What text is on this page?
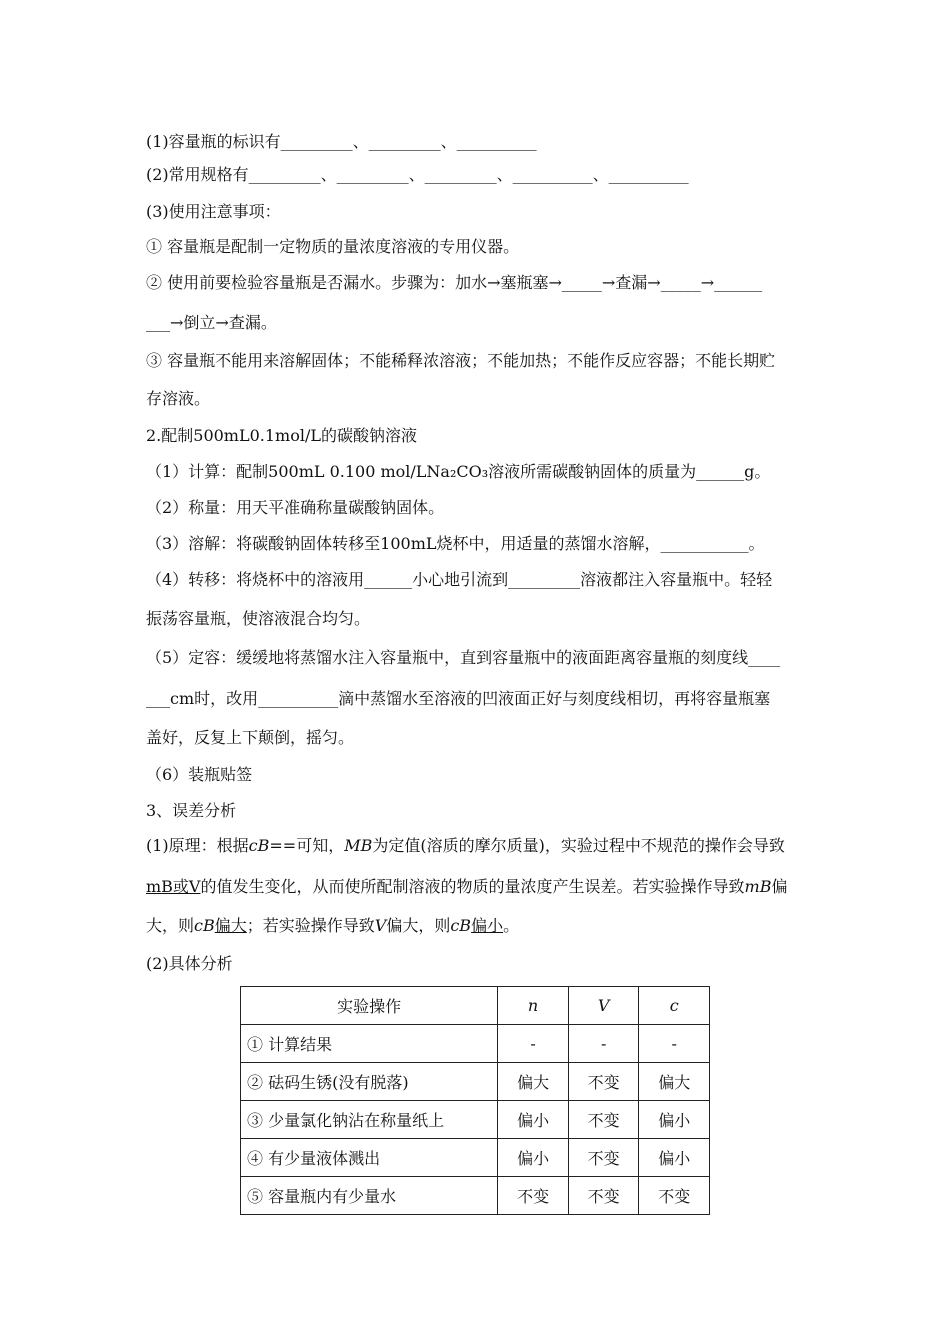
(1)容量瓶的标识有_________、_________、__________
(2)常用规格有_________、_________、_________、__________、__________
(3)使用注意事项：
① 容量瓶是配制一定物质的量浓度溶液的专用仪器。
② 使用前要检验容量瓶是否漏水。步骤为：加水→塞瓶塞→_____→查漏→_____→______
___→倒立→查漏。
③ 容量瓶不能用来溶解固体；不能稀释浓溶液；不能加热；不能作反应容器；不能长期贮
存溶液。
2.配制500mL0.1mol/L的碳酸钠溶液
（1）计算：配制500mL 0.100 mol/LNa₂CO₃溶液所需碳酸钠固体的质量为______g。
（2）称量：用天平准确称量碳酸钠固体。
（3）溶解：将碳酸钠固体转移至100mL烧杯中，用适量的蒸馏水溶解，___________。
（4）转移：将烧杯中的溶液用______小心地引流到_________溶液都注入容量瓶中。轻轻
振荡容量瓶，使溶液混合均匀。
（5）定容：缓缓地将蒸馏水注入容量瓶中，直到容量瓶中的液面距离容量瓶的刻度线____
___cm时，改用__________滴中蒸馏水至溶液的凹液面正好与刻度线相切，再将容量瓶塞
盖好，反复上下颠倒，摇匀。
（6）装瓶贴签
3、误差分析
(1)原理：根据cB==可知，MB为定值(溶质的摩尔质量)，实验过程中不规范的操作会导致
mB或V的值发生变化，从而使所配制溶液的物质的量浓度产生误差。若实验操作导致mB偏
大，则cB偏大；若实验操作导致V偏大，则cB偏小。
(2)具体分析
实验操作	n	V	c
① 计算结果	-	-	-
② 砝码生锈(没有脱落)	偏大	不变	偏大
③ 少量氯化钠沾在称量纸上	偏小	不变	偏小
④ 有少量液体溅出	偏小	不变	偏小
⑤ 容量瓶内有少量水	不变	不变	不变
